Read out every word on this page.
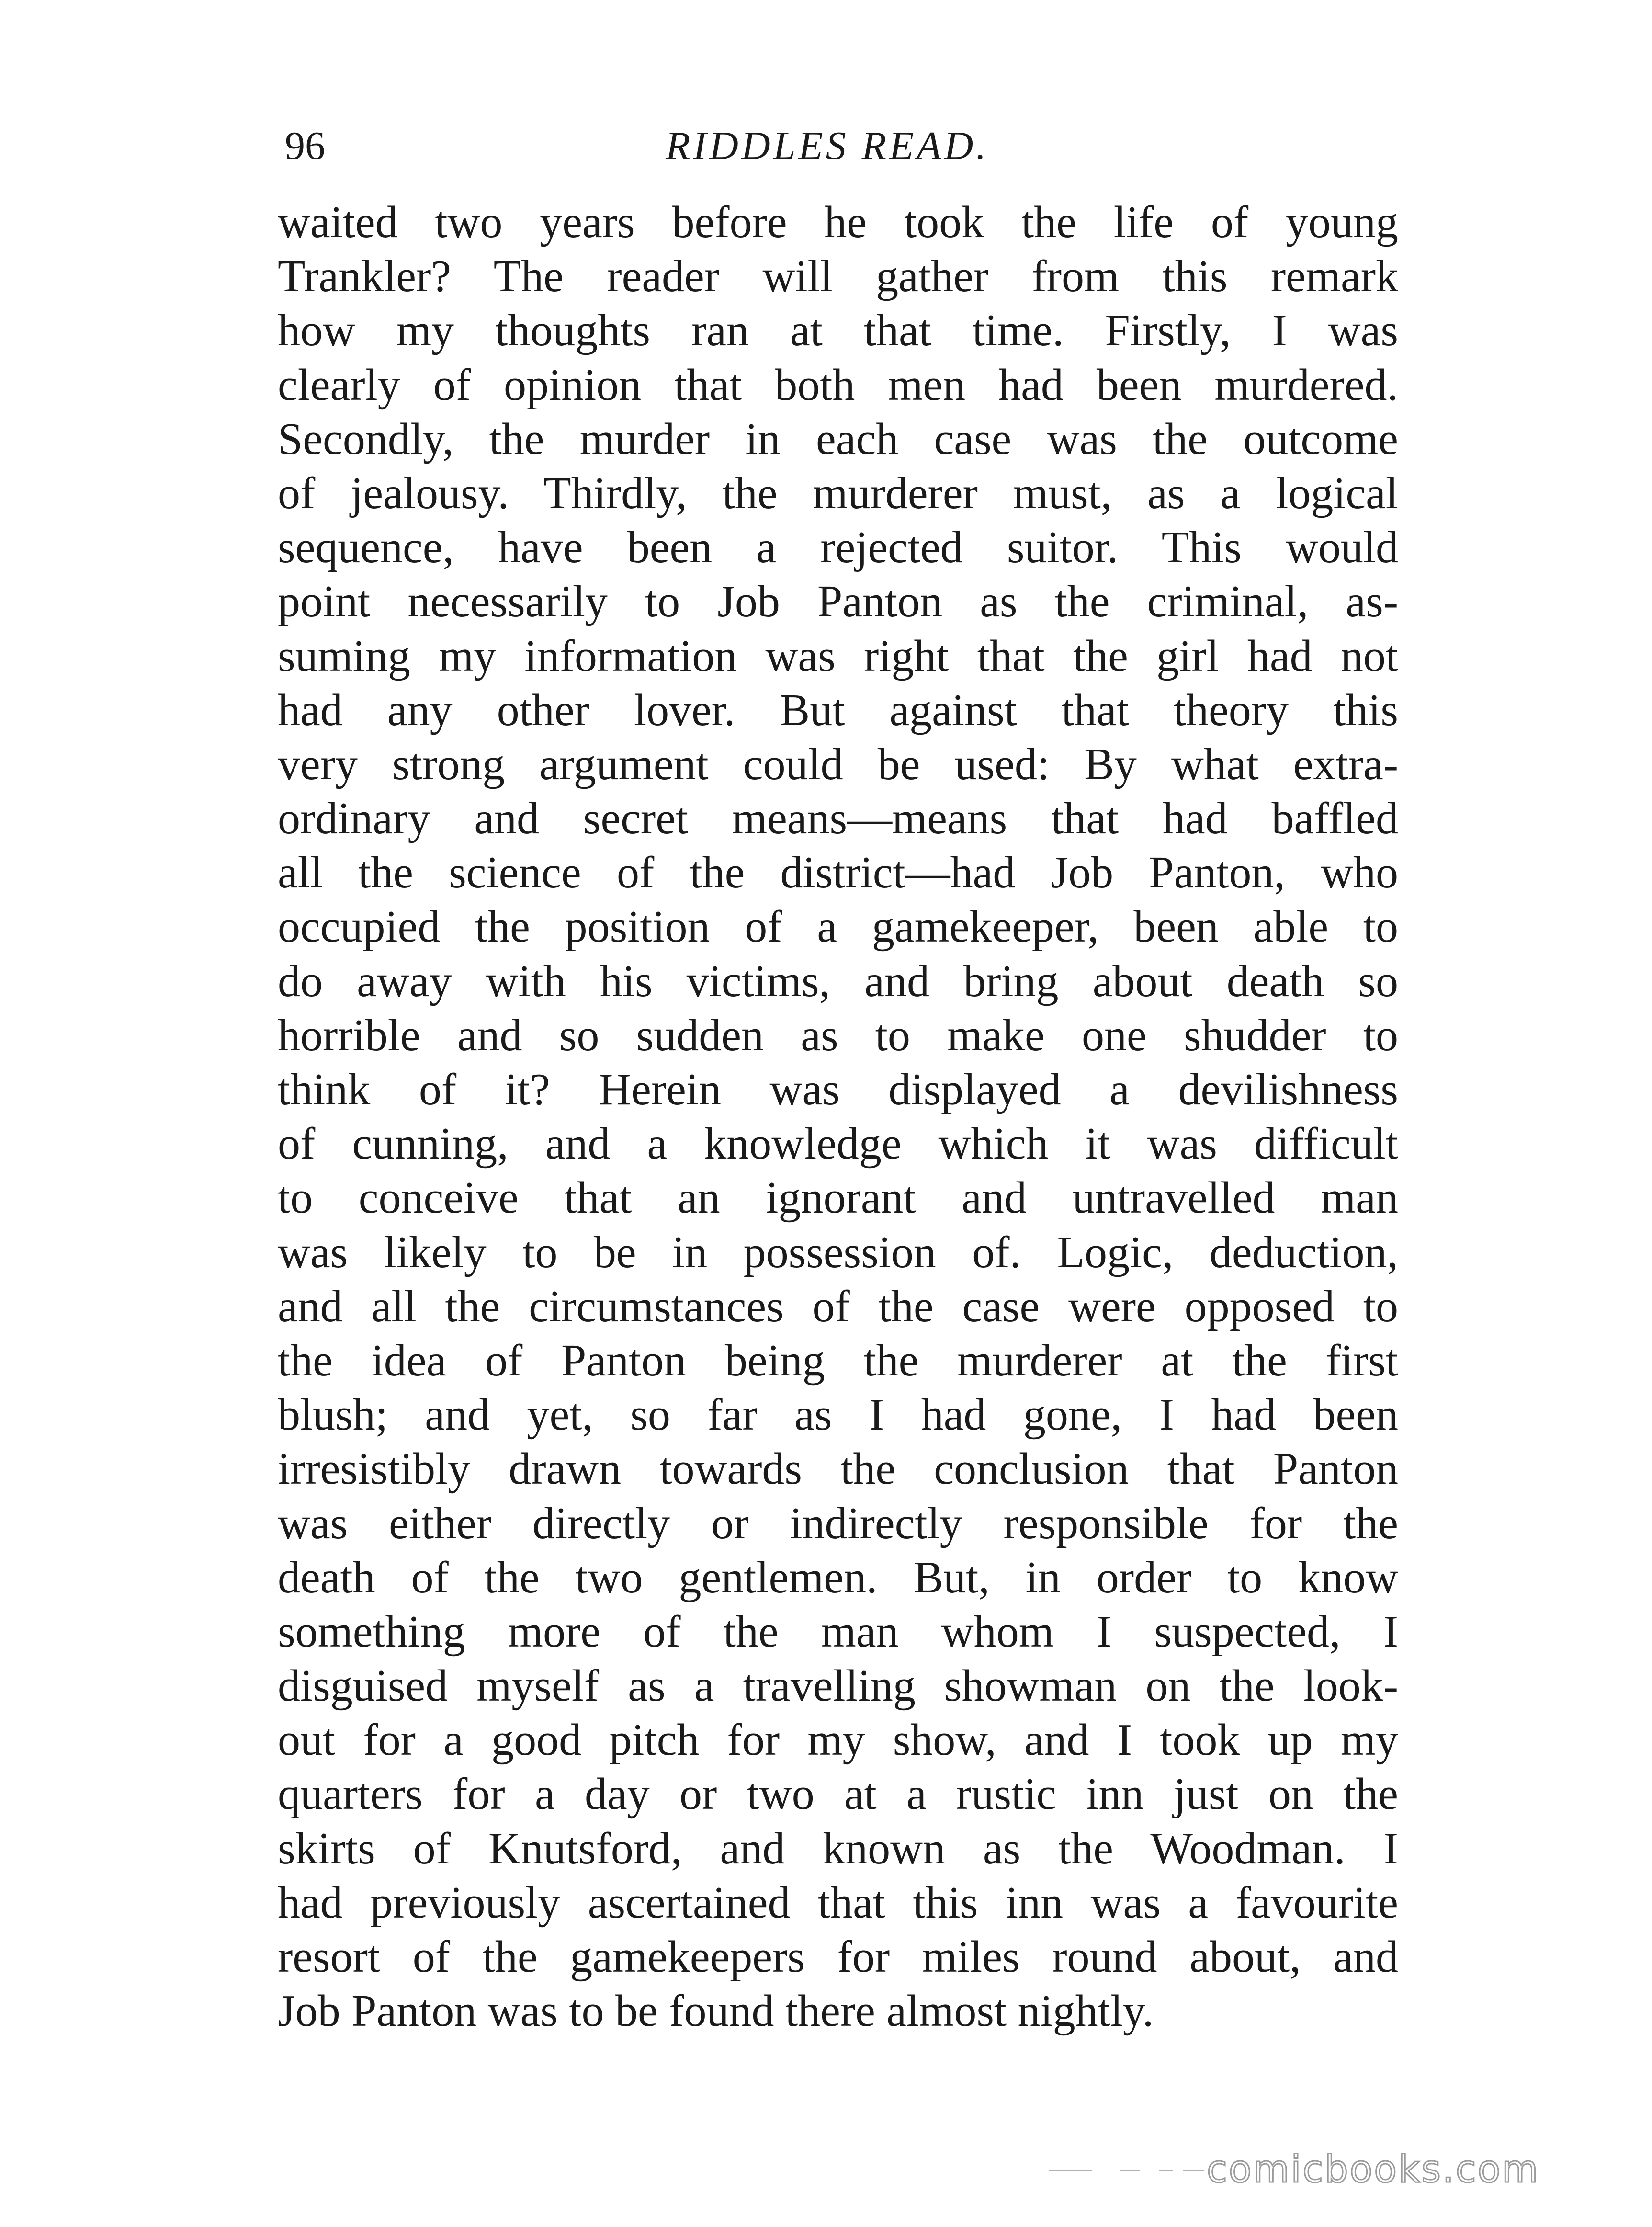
96	RIDDLES READ.
waited two years before he took the life of young
Trankler? The reader will gather from this remark
how my thoughts ran at that time. Firstly, I was
clearly of opinion that both men had been murdered.
Secondly, the murder in each case was the outcome
of jealousy. Thirdly, the murderer must, as a logical
sequence, have been a rejected suitor. This would
point necessarily to Job Panton as the criminal, as-
suming my information was right that the girl had not
had any other lover. But against that theory this
very strong argument could be used: By what extra-
ordinary and secret means—means that had baffled
all the science of the district—had Job Panton, who
occupied the position of a gamekeeper, been able to
do away with his victims, and bring about death so
horrible and so sudden as to make one shudder to
think of it? Herein was displayed a devilishness
of cunning, and a knowledge which it was difficult
to conceive that an ignorant and untravelled man
was likely to be in possession of. Logic, deduction,
and all the circumstances of the case were opposed to
the idea of Panton being the murderer at the first
blush; and yet, so far as I had gone, I had been
irresistibly drawn towards the conclusion that Panton
was either directly or indirectly responsible for the
death of the two gentlemen. But, in order to know
something more of the man whom I suspected, I
disguised myself as a travelling showman on the look-
out for a good pitch for my show, and I took up my
quarters for a day or two at a rustic inn just on the
skirts of Knutsford, and known as the Woodman. I
had previously ascertained that this inn was a favourite
resort of the gamekeepers for miles round about, and
Job Panton was to be found there almost nightly.
comicbooks.com
